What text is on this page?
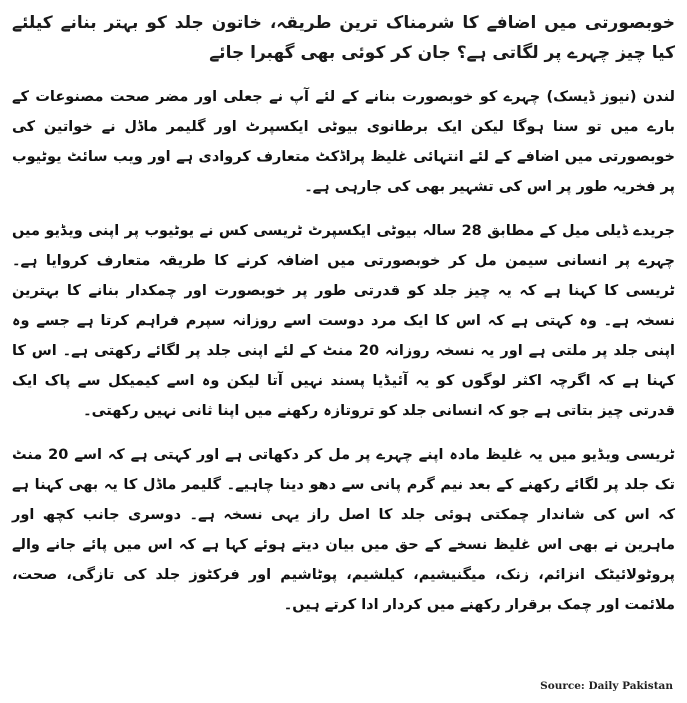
خوبصورتی میں اضافے کا شرمناک ترین طریقہ، خاتون جلد کو بہتر بنانے کیلئے کیا چیز چہرے پر لگاتی ہے؟ جان کر کوئی بھی گھبرا جائے

لندن (نیوز ڈیسک) چہرے کو خوبصورت بنانے کے لئے آپ نے جعلی اور مضر صحت مصنوعات کے بارے میں تو سنا ہوگا لیکن ایک برطانوی بیوٹی ایکسپرٹ اور گلیمر ماڈل نے خواتین کی خوبصورتی میں اضافے کے لئے انتہائی غلیظ پراڈکٹ متعارف کروادی ہے اور ویب سائٹ یوٹیوب پر فخریہ طور پر اس کی تشہیر بھی کی جارہی ہے۔

جریدے ڈیلی میل کے مطابق 28 سالہ بیوٹی ایکسپرٹ ٹریسی کس نے یوٹیوب پر اپنی ویڈیو میں چہرے پر انسانی سیمن مل کر خوبصورتی میں اضافہ کرنے کا طریقہ متعارف کروایا ہے۔ ٹریسی کا کہنا ہے کہ یہ چیز جلد کو قدرتی طور پر خوبصورت اور چمکدار بنانے کا بہترین نسخہ ہے۔ وہ کہتی ہے کہ اس کا ایک مرد دوست اسے روزانہ سپرم فراہم کرتا ہے جسے وہ اپنی جلد پر ملتی ہے اور یہ نسخہ روزانہ 20 منٹ کے لئے اپنی جلد پر لگائے رکھتی ہے۔ اس کا کہنا ہے کہ اگرچہ اکثر لوگوں کو یہ آئیڈیا پسند نہیں آتا لیکن وہ اسے کیمیکل سے پاک ایک قدرتی چیز بتاتی ہے جو کہ انسانی جلد کو تروتازہ رکھنے میں اپنا ثانی نہیں رکھتی۔

ٹریسی ویڈیو میں یہ غلیظ مادہ اپنے چہرے پر مل کر دکھاتی ہے اور کہتی ہے کہ اسے 20 منٹ تک جلد پر لگائے رکھنے کے بعد نیم گرم پانی سے دھو دینا چاہیے۔ گلیمر ماڈل کا یہ بھی کہنا ہے کہ اس کی شاندار چمکتی ہوئی جلد کا اصل راز یہی نسخہ ہے۔ دوسری جانب کچھ اور ماہرین نے بھی اس غلیظ نسخے کے حق میں بیان دیتے ہوئے کہا ہے کہ اس میں پائے جانے والے پروٹولائیٹک انزائم، زنک، میگنیشیم، کیلشیم، پوٹاشیم اور فرکٹوز جلد کی تازگی، صحت، ملائمت اور چمک برقرار رکھنے میں کردار ادا کرتے ہیں۔

Source: Daily Pakistan
